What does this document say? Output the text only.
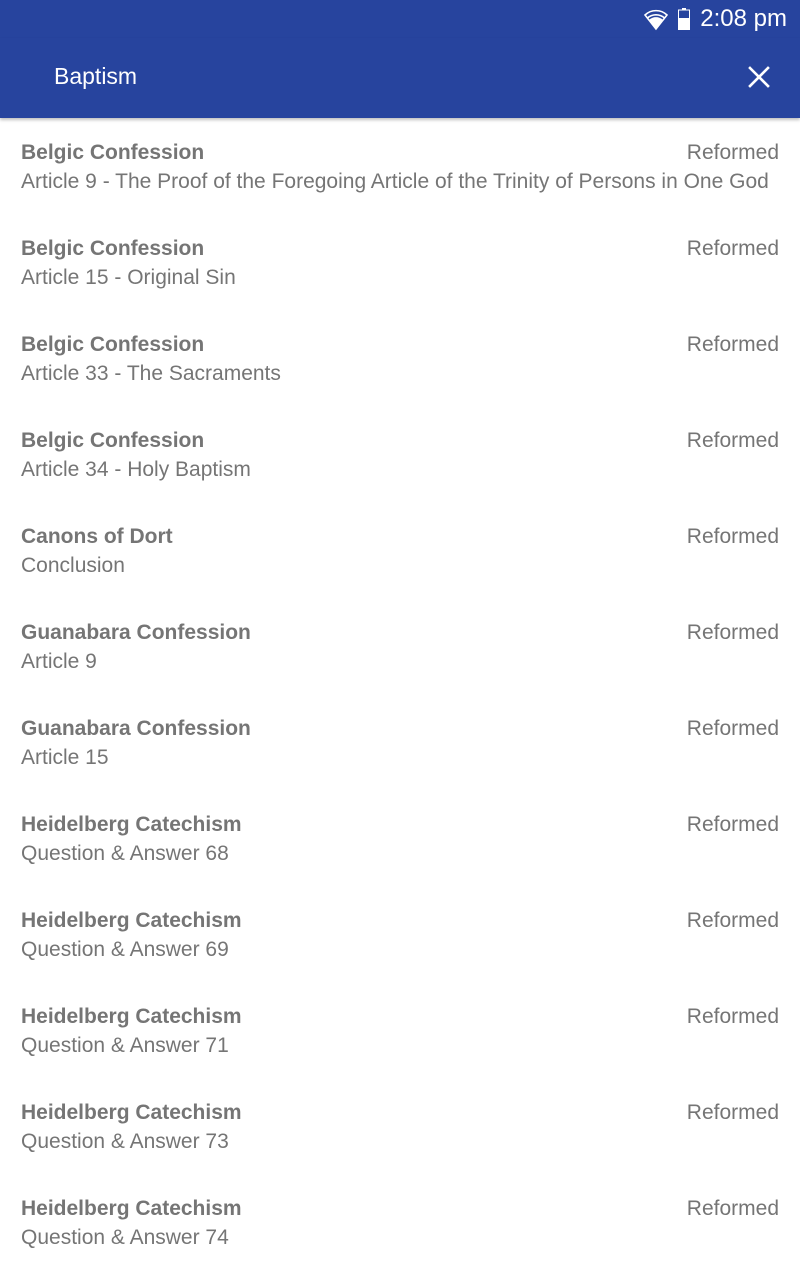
2:08 pm
Baptism
Belgic Confession
Article 9 - The Proof of the Foregoing Article of the Trinity of Persons in One God
Reformed
Belgic Confession
Article 15 - Original Sin
Reformed
Belgic Confession
Article 33 - The Sacraments
Reformed
Belgic Confession
Article 34 - Holy Baptism
Reformed
Canons of Dort
Conclusion
Reformed
Guanabara Confession
Article 9
Reformed
Guanabara Confession
Article 15
Reformed
Heidelberg Catechism
Question & Answer 68
Reformed
Heidelberg Catechism
Question & Answer 69
Reformed
Heidelberg Catechism
Question & Answer 71
Reformed
Heidelberg Catechism
Question & Answer 73
Reformed
Heidelberg Catechism
Question & Answer 74
Reformed
